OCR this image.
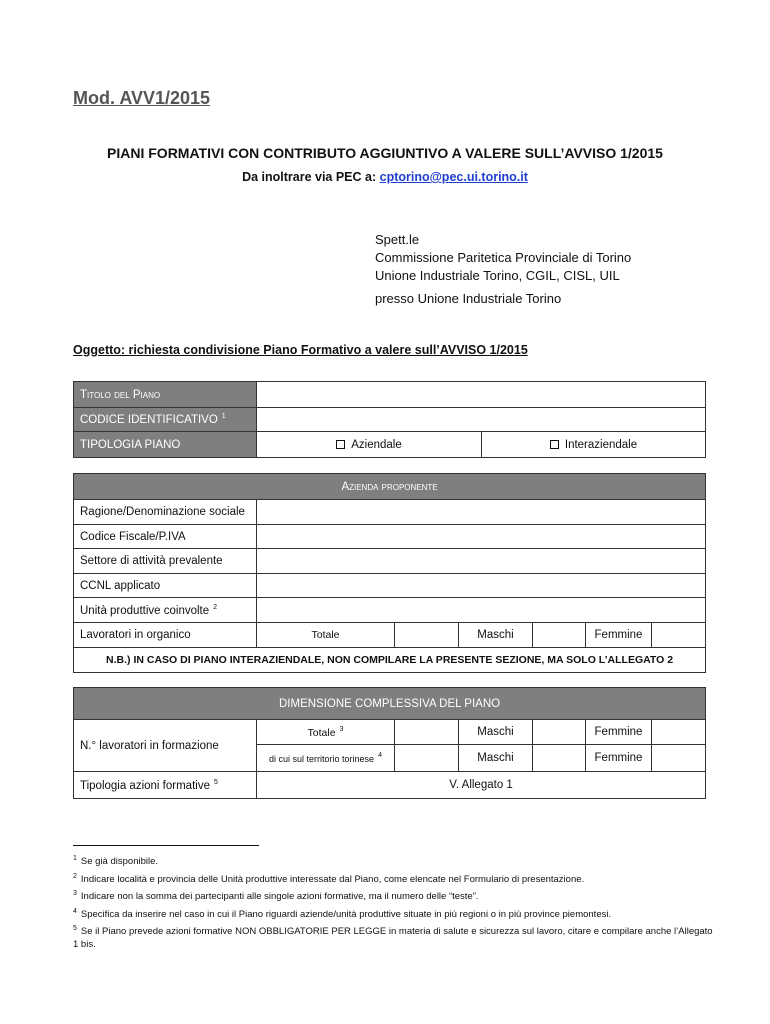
Mod. AVV1/2015
PIANI FORMATIVI CON CONTRIBUTO AGGIUNTIVO A VALERE SULL’AVVISO 1/2015
Da inoltrare via PEC a: cptorino@pec.ui.torino.it
Spett.le
Commissione Paritetica Provinciale di Torino
Unione Industriale Torino, CGIL, CISL, UIL
presso Unione Industriale Torino
Oggetto: richiesta condivisione Piano Formativo a valere sull’AVVISO 1/2015
Titolo del Piano		
CODICE IDENTIFICATIVO $^1$	
TIPOLOGIA PIANO	Aziendale	Interaziendale
Azienda proponente						
Ragione/Denominazione sociale						
Codice Fiscale/P.IVA						
Settore di attività prevalente						
CCNL applicato						
Unità produttive coinvolte $^2$	
Lavoratori in organico	Totale		Maschi		Femmine	
N.B.) IN CASO DI PIANO INTERAZIENDALE, NON COMPILARE LA PRESENTE SEZIONE, MA SOLO L’ALLEGATO 2						
DIMENSIONE COMPLESSIVA DEL PIANO						
N.° lavoratori in formazione	Totale $^3$		Maschi		Femmine	
	di cui sul territorio torinese $^4$		Maschi		Femmine	
Tipologia azioni formative $^5$	V. Allegato 1					
$^1$ Se già disponibile.
$^2$ Indicare località e provincia delle Unità produttive interessate dal Piano, come elencate nel Formulario di presentazione.
$^3$ Indicare non la somma dei partecipanti alle singole azioni formative, ma il numero delle “teste”.
$^4$ Specifica da inserire nel caso in cui il Piano riguardi aziende/unità produttive situate in più regioni o in più province piemontesi.
$^5$ Se il Piano prevede azioni formative NON OBBLIGATORIE PER LEGGE in materia di salute e sicurezza sul lavoro, citare e compilare anche l’Allegato 1 bis.
